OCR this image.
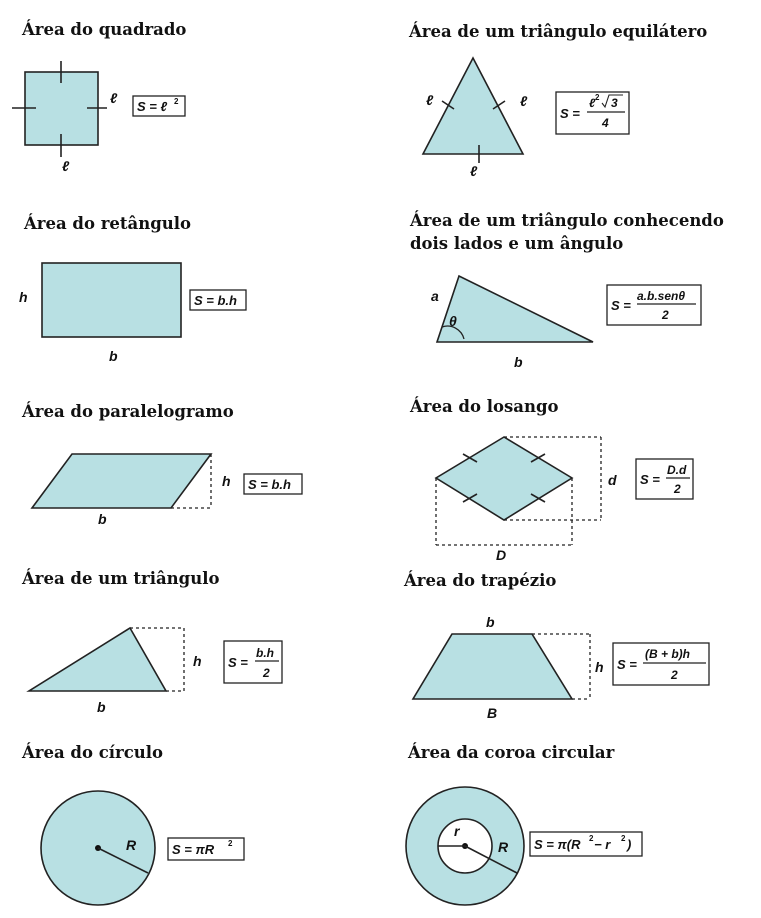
Área do quadrado	Área de um triângulo equilátero
Área do retângulo	Área de um triângulo conhecendo
dois lados e um ângulo
Área do paralelogramo	Área do losango
Área de um triângulo	Área do trapézio
Área do círculo	Área da coroa circular
ℓ
ℓ
S = ℓ 2	ℓ	ℓ
ℓ
S =
ℓ 2 3
4
h
b
S = b.h
θ
a
b
S =
a.b.senθ
2
h
b
S = b.h	d
D
S =
D.d
2
h
b
S =
b.h
2
b
B
h S =
(B + b)h
2
R	S = πR 2
r
R S = π(R 2 − r 2 )
